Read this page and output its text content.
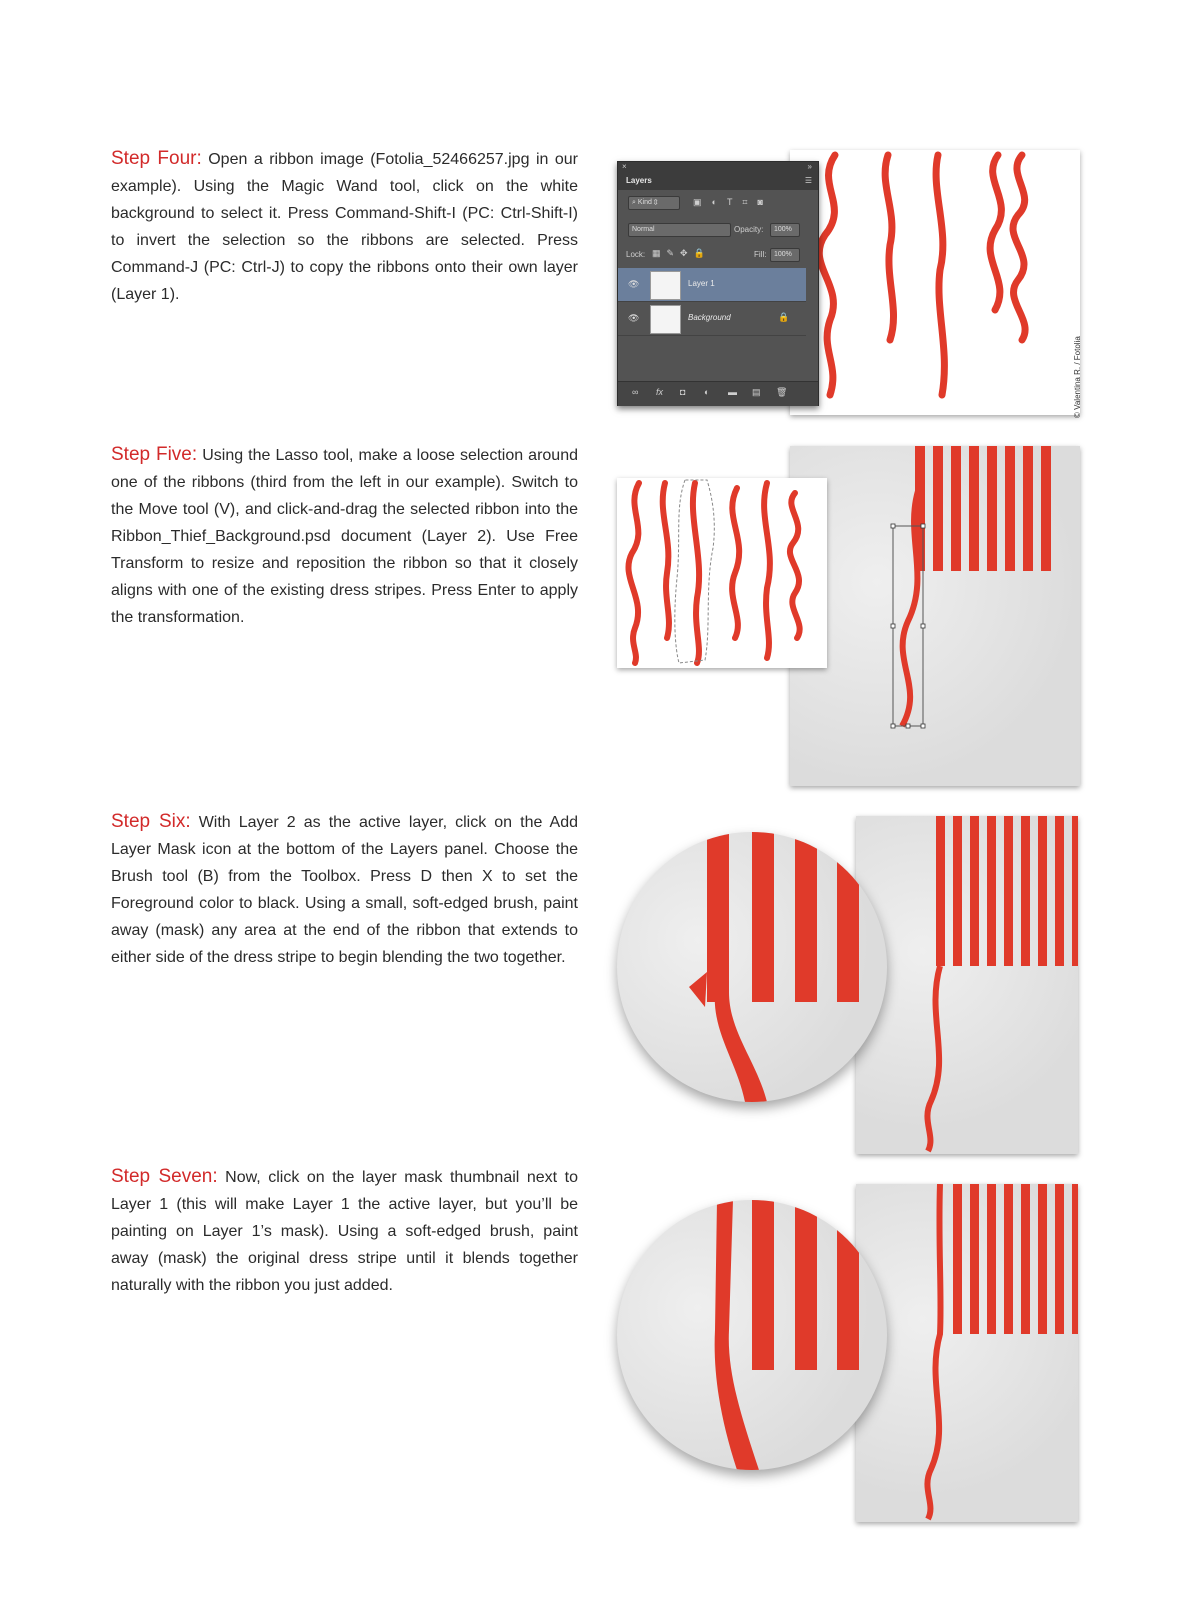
Step Four: Open a ribbon image (Fotolia_52466257.jpg in our example). Using the Magic Wand tool, click on the white background to select it. Press Command-Shift-I (PC: Ctrl-Shift-I) to invert the selection so the ribbons are selected. Press Command-J (PC: Ctrl-J) to copy the ribbons onto their own layer (Layer 1).

×	»
Layers	☰
⌕ Kind ⇕	▣◐T⌗◙
Normal	Opacity:	100%
Lock: ▦✎✥🔒	Fill:	100%
👁	Layer 1
👁	Background	🔒
∞ fx ◘ ◐ ▬ ▤ 🗑	© Valentina R. / Fotolia

Step Five: Using the Lasso tool, make a loose selection around one of the ribbons (third from the left in our example). Switch to the Move tool (V), and click-and-drag the selected ribbon into the Ribbon_Thief_Background.psd document (Layer 2). Use Free Transform to resize and reposition the ribbon so that it closely aligns with one of the existing dress stripes. Press Enter to apply the transformation.

Step Six: With Layer 2 as the active layer, click on the Add Layer Mask icon at the bottom of the Layers panel. Choose the Brush tool (B) from the Toolbox. Press D then X to set the Foreground color to black. Using a small, soft-edged brush, paint away (mask) any area at the end of the ribbon that extends to either side of the dress stripe to begin blending the two together.

Step Seven: Now, click on the layer mask thumbnail next to Layer 1 (this will make Layer 1 the active layer, but you’ll be painting on Layer 1’s mask). Using a soft-edged brush, paint away (mask) the original dress stripe until it blends together naturally with the ribbon you just added.
